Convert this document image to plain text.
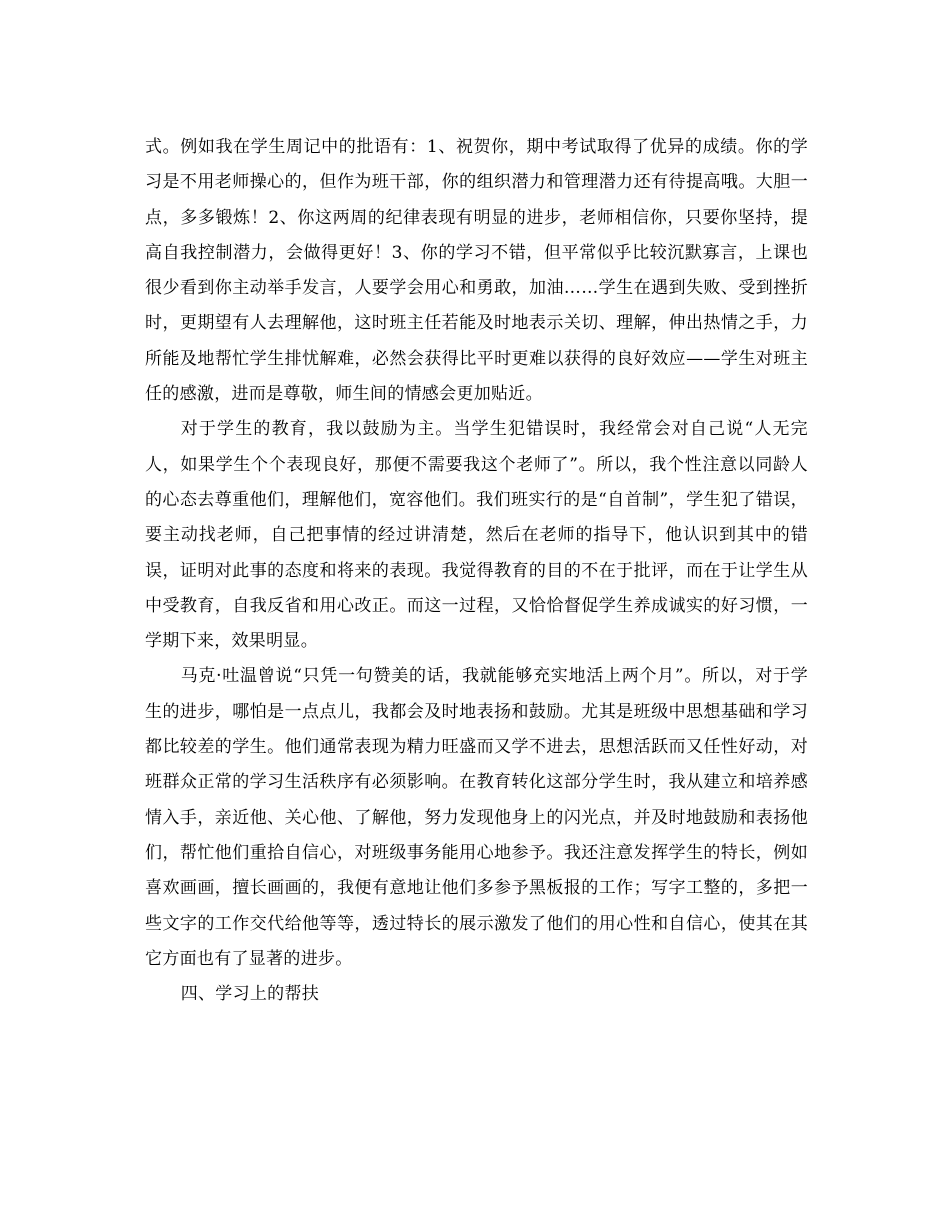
式。例如我在学生周记中的批语有：1、祝贺你，期中考试取得了优异的成绩。你的学习是不用老师操心的，但作为班干部，你的组织潜力和管理潜力还有待提高哦。大胆一点，多多锻炼！2、你这两周的纪律表现有明显的进步，老师相信你，只要你坚持，提高自我控制潜力，会做得更好！3、你的学习不错，但平常似乎比较沉默寡言，上课也很少看到你主动举手发言，人要学会用心和勇敢，加油……学生在遇到失败、受到挫折时，更期望有人去理解他，这时班主任若能及时地表示关切、理解，伸出热情之手，力所能及地帮忙学生排忧解难，必然会获得比平时更难以获得的良好效应——学生对班主任的感激，进而是尊敬，师生间的情感会更加贴近。

对于学生的教育，我以鼓励为主。当学生犯错误时，我经常会对自己说“人无完人，如果学生个个表现良好，那便不需要我这个老师了”。所以，我个性注意以同龄人的心态去尊重他们，理解他们，宽容他们。我们班实行的是“自首制”，学生犯了错误，要主动找老师，自己把事情的经过讲清楚，然后在老师的指导下，他认识到其中的错误，证明对此事的态度和将来的表现。我觉得教育的目的不在于批评，而在于让学生从中受教育，自我反省和用心改正。而这一过程，又恰恰督促学生养成诚实的好习惯，一学期下来，效果明显。

马克·吐温曾说“只凭一句赞美的话，我就能够充实地活上两个月”。所以，对于学生的进步，哪怕是一点点儿，我都会及时地表扬和鼓励。尤其是班级中思想基础和学习都比较差的学生。他们通常表现为精力旺盛而又学不进去，思想活跃而又任性好动，对班群众正常的学习生活秩序有必须影响。在教育转化这部分学生时，我从建立和培养感情入手，亲近他、关心他、了解他，努力发现他身上的闪光点，并及时地鼓励和表扬他们，帮忙他们重拾自信心，对班级事务能用心地参予。我还注意发挥学生的特长，例如喜欢画画，擅长画画的，我便有意地让他们多参予黑板报的工作；写字工整的，多把一些文字的工作交代给他等等，透过特长的展示激发了他们的用心性和自信心，使其在其它方面也有了显著的进步。

四、学习上的帮扶
